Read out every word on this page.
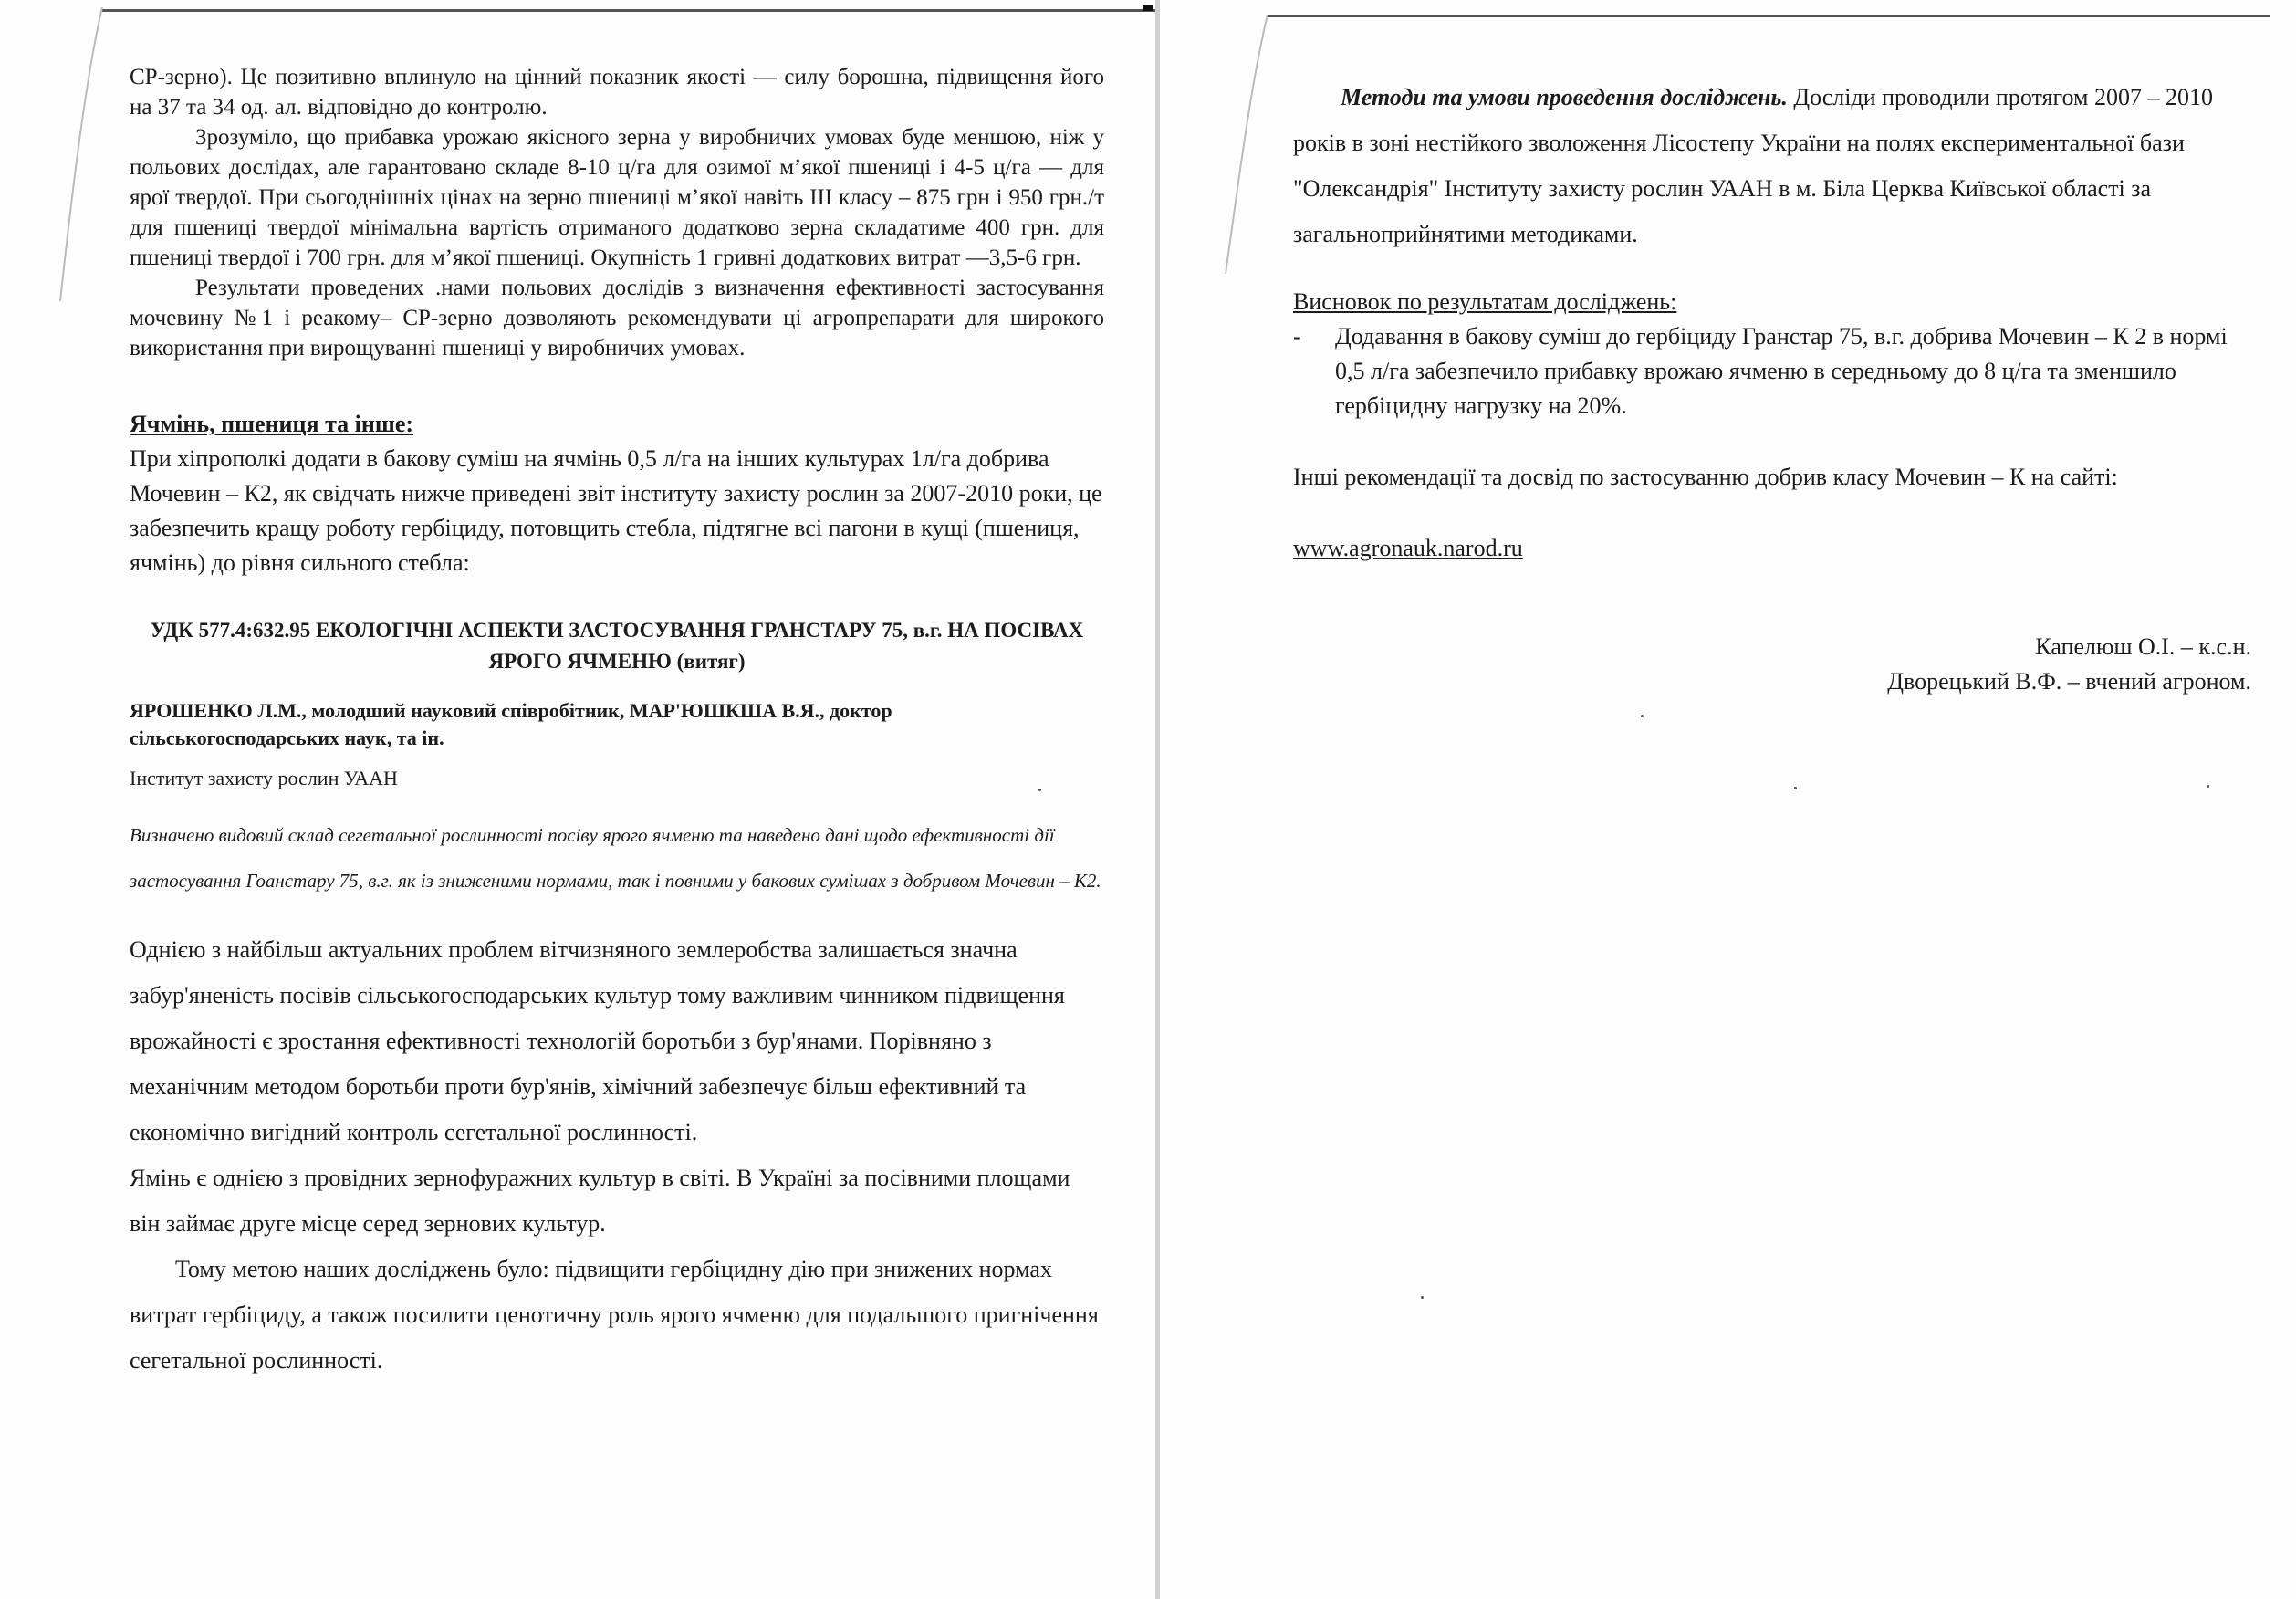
СР-зерно). Це позитивно вплинуло на цінний показник якості — силу борошна, підвищення його на 37 та 34 од. ал. відповідно до контролю.

Зрозуміло, що прибавка урожаю якісного зерна у виробничих умовах буде меншою, ніж у польових дослідах, але гарантовано складе 8-10 ц/га для озимої м’якої пшениці і 4-5 ц/га — для ярої твердої. При сьогоднішніх цінах на зерно пшениці м’якої навіть III класу – 875 грн і 950 грн./т для пшениці твердої мінімальна вартість отриманого додатково зерна складатиме 400 грн. для пшениці твердої і 700 грн. для м’якої пшениці. Окупність 1 гривні додаткових витрат —3,5-6 грн.

Результати проведених .нами польових дослідів з визначення ефективності застосування мочевину №1 і реакому– СР-зерно дозволяють рекомендувати ці агропрепарати для широкого використання при вирощуванні пшениці у виробничих умовах.

Ячмінь, пшениця та інше:

При хіпрополкі додати в бакову суміш на ячмінь 0,5 л/га на інших культурах 1л/га добрива Мочевин – К2, як свідчать нижче приведені звіт інституту захисту рослин за 2007-2010 роки, це забезпечить кращу роботу гербіциду, потовщить стебла, підтягне всі пагони в кущі (пшениця, ячмінь) до рівня сильного стебла:

УДК 577.4:632.95 ЕКОЛОГІЧНІ АСПЕКТИ ЗАСТОСУВАННЯ ГРАНСТАРУ 75, в.г. НА ПОСІВАХ ЯРОГО ЯЧМЕНЮ (витяг)

ЯРОШЕНКО Л.М., молодший науковий співробітник, МАР'ЮШКША В.Я., доктор сільськогосподарських наук, та ін.

Інститут захисту рослин УААН

Визначено видовий склад сегетальної рослинності посіву ярого ячменю та наведено дані щодо ефективності дії застосування Гоанстару 75, в.г. як із зниженими нормами, так і повними у бакових сумішах з добривом Мочевин – К2.

Однією з найбільш актуальних проблем вітчизняного землеробства залишається значна забур'яненість посівів сільськогосподарських культур тому важливим чинником підвищення врожайності є зростання ефективності технологій боротьби з бур'янами. Порівняно з механічним методом боротьби проти бур'янів, хімічний забезпечує більш ефективний та економічно вигідний контроль сегетальної рослинності.

Ямінь є однією з провідних зернофуражних культур в світі. В Україні за посівними площами він займає друге місце серед зернових культур.

Тому метою наших досліджень було: підвищити гербіцидну дію при знижених нормах витрат гербіциду, а також посилити ценотичну роль ярого ячменю для подальшого пригнічення сегетальної рослинності.

Методи та умови проведення досліджень. Досліди проводили протягом 2007 – 2010 років в зоні нестійкого зволоження Лісостепу України на полях експериментальної бази "Олександрія" Інституту захисту рослин УААН в м. Біла Церква Київської області за загальноприйнятими методиками.

Висновок по результатам досліджень:

-	Додавання в бакову суміш до гербіциду Гранстар 75, в.г. добрива Мочевин – К 2 в нормі 0,5 л/га забезпечило прибавку врожаю ячменю в середньому до 8 ц/га та зменшило гербіцидну нагрузку на 20%.

Інші рекомендації та досвід по застосуванню добрив класу Мочевин – К на сайті:

www.agronauk.narod.ru

Капелюш О.І. – к.с.н.

Дворецький В.Ф. – вчений агроном.
